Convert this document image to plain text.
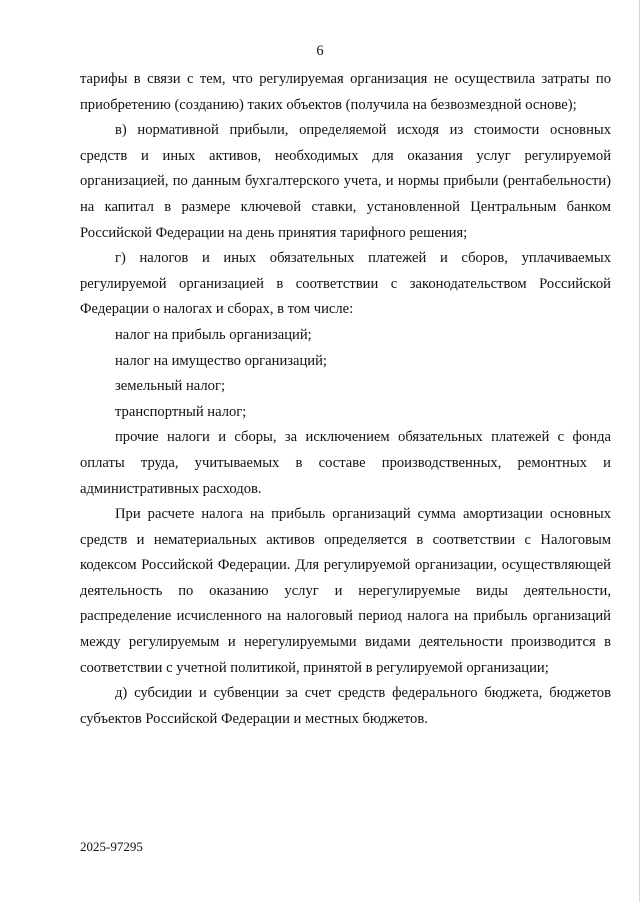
6

тарифы в связи с тем, что регулируемая организация не осуществила затраты по приобретению (созданию) таких объектов (получила на безвозмездной основе);

в) нормативной прибыли, определяемой исходя из стоимости основных средств и иных активов, необходимых для оказания услуг регулируемой организацией, по данным бухгалтерского учета, и нормы прибыли (рентабельности) на капитал в размере ключевой ставки, установленной Центральным банком Российской Федерации на день принятия тарифного решения;

г) налогов и иных обязательных платежей и сборов, уплачиваемых регулируемой организацией в соответствии с законодательством Российской Федерации о налогах и сборах, в том числе:

налог на прибыль организаций;

налог на имущество организаций;

земельный налог;

транспортный налог;

прочие налоги и сборы, за исключением обязательных платежей с фонда оплаты труда, учитываемых в составе производственных, ремонтных и административных расходов.

При расчете налога на прибыль организаций сумма амортизации основных средств и нематериальных активов определяется в соответствии с Налоговым кодексом Российской Федерации. Для регулируемой организации, осуществляющей деятельность по оказанию услуг и нерегулируемые виды деятельности, распределение исчисленного на налоговый период налога на прибыль организаций между регулируемым и нерегулируемыми видами деятельности производится в соответствии с учетной политикой, принятой в регулируемой организации;

д) субсидии и субвенции за счет средств федерального бюджета, бюджетов субъектов Российской Федерации и местных бюджетов.

2025-97295
